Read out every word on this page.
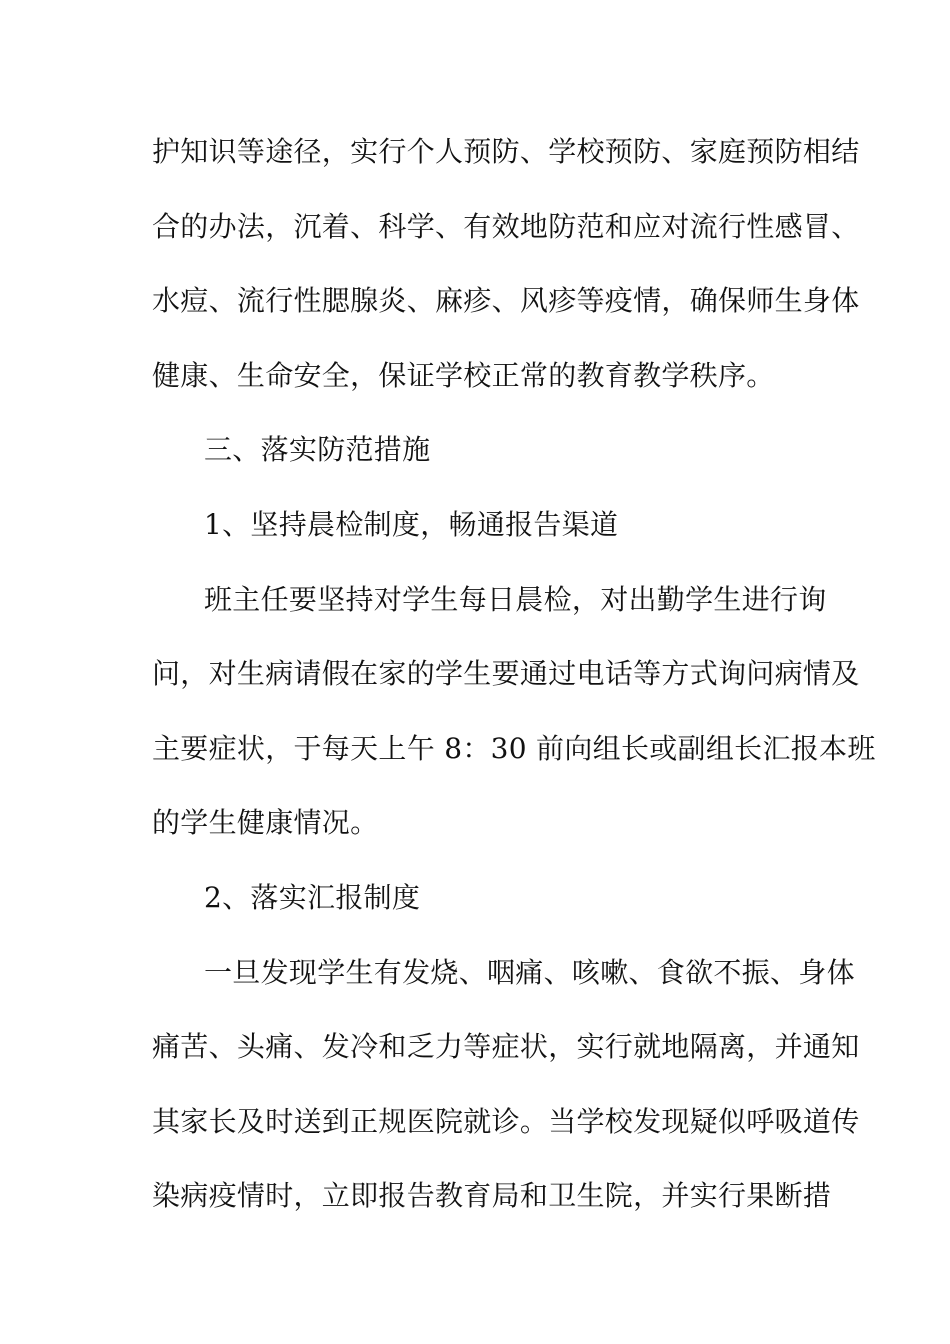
护知识等途径，实行个人预防、学校预防、家庭预防相结
合的办法，沉着、科学、有效地防范和应对流行性感冒、
水痘、流行性腮腺炎、麻疹、风疹等疫情，确保师生身体
健康、生命安全，保证学校正常的教育教学秩序。
三、落实防范措施
1、坚持晨检制度，畅通报告渠道
班主任要坚持对学生每日晨检，对出勤学生进行询
问，对生病请假在家的学生要通过电话等方式询问病情及
主要症状，于每天上午 8：30 前向组长或副组长汇报本班
的学生健康情况。
2、落实汇报制度
一旦发现学生有发烧、咽痛、咳嗽、食欲不振、身体
痛苦、头痛、发冷和乏力等症状，实行就地隔离，并通知
其家长及时送到正规医院就诊。当学校发现疑似呼吸道传
染病疫情时，立即报告教育局和卫生院，并实行果断措
